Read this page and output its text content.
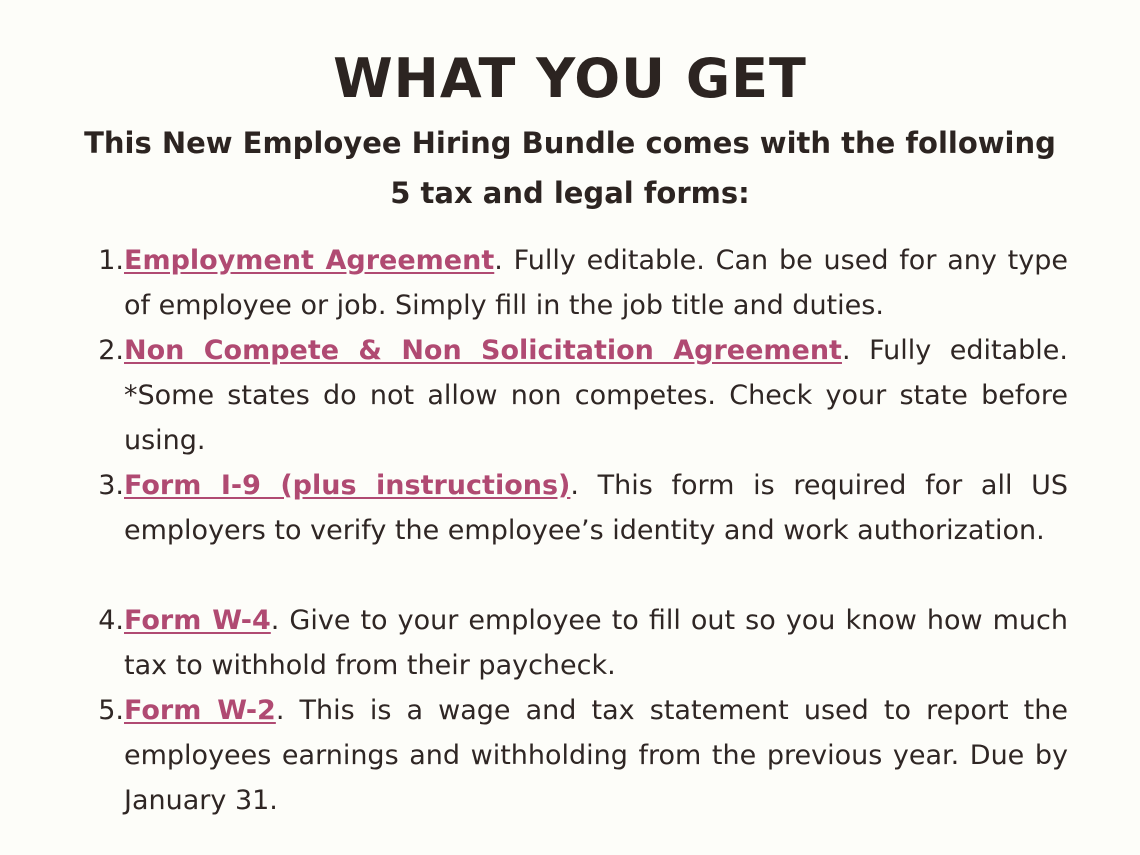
WHAT YOU GET
This New Employee Hiring Bundle comes with the following 5 tax and legal forms:
1. Employment Agreement. Fully editable. Can be used for any type of employee or job. Simply fill in the job title and duties.
2. Non Compete & Non Solicitation Agreement. Fully editable. *Some states do not allow non competes. Check your state before using.
3. Form I-9 (plus instructions). This form is required for all US employers to verify the employee’s identity and work authorization.
4. Form W-4. Give to your employee to fill out so you know how much tax to withhold from their paycheck.
5. Form W-2. This is a wage and tax statement used to report the employees earnings and withholding from the previous year. Due by January 31.
